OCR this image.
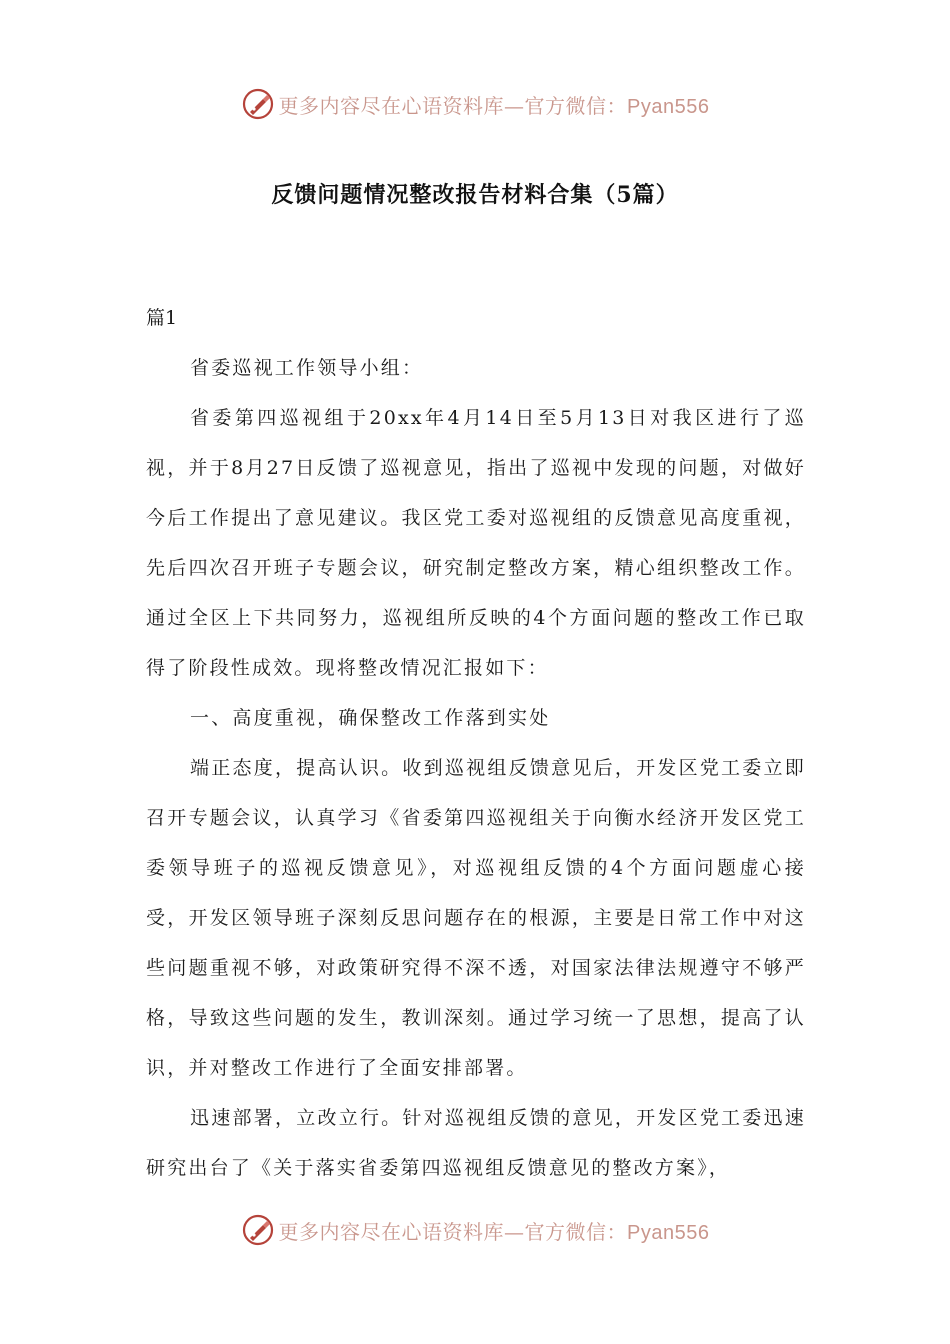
更多内容尽在心语资料库—官方微信：Pyan556
反馈问题情况整改报告材料合集（5篇）

篇1

省委巡视工作领导小组：

省委第四巡视组于20xx年4月14日至5月13日对我区进行了巡视，并于8月27日反馈了巡视意见，指出了巡视中发现的问题，对做好今后工作提出了意见建议。我区党工委对巡视组的反馈意见高度重视，先后四次召开班子专题会议，研究制定整改方案，精心组织整改工作。通过全区上下共同努力，巡视组所反映的4个方面问题的整改工作已取得了阶段性成效。现将整改情况汇报如下：

一、高度重视，确保整改工作落到实处

端正态度，提高认识。收到巡视组反馈意见后，开发区党工委立即召开专题会议，认真学习《省委第四巡视组关于向衡水经济开发区党工委领导班子的巡视反馈意见》，对巡视组反馈的4个方面问题虚心接受，开发区领导班子深刻反思问题存在的根源，主要是日常工作中对这些问题重视不够，对政策研究得不深不透，对国家法律法规遵守不够严格，导致这些问题的发生，教训深刻。通过学习统一了思想，提高了认识，并对整改工作进行了全面安排部署。

迅速部署，立改立行。针对巡视组反馈的意见，开发区党工委迅速研究出台了《关于落实省委第四巡视组反馈意见的整改方案》，

更多内容尽在心语资料库—官方微信：Pyan556
